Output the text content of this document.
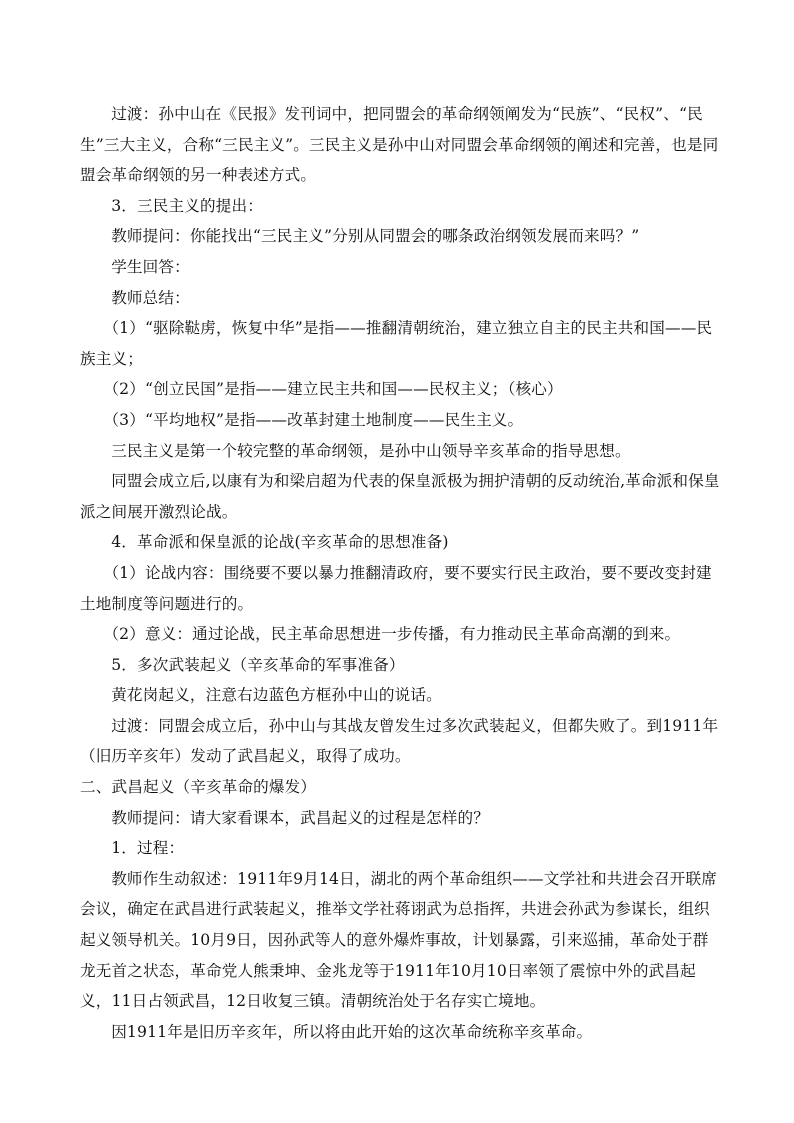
过渡：孙中山在《民报》发刊词中，把同盟会的革命纲领阐发为“民族”、“民权”、“民生”三大主义，合称“三民主义”。三民主义是孙中山对同盟会革命纲领的阐述和完善，也是同盟会革命纲领的另一种表述方式。

3．三民主义的提出：

教师提问：你能找出“三民主义”分别从同盟会的哪条政治纲领发展而来吗？”

学生回答：

教师总结：

（1）“驱除鞑虏，恢复中华”是指——推翻清朝统治，建立独立自主的民主共和国——民族主义；

（2）“创立民国”是指——建立民主共和国——民权主义；（核心）

（3）“平均地权”是指——改革封建土地制度——民生主义。

三民主义是第一个较完整的革命纲领，是孙中山领导辛亥革命的指导思想。

同盟会成立后,以康有为和梁启超为代表的保皇派极为拥护清朝的反动统治,革命派和保皇派之间展开激烈论战。

4．革命派和保皇派的论战(辛亥革命的思想准备)

（1）论战内容：围绕要不要以暴力推翻清政府，要不要实行民主政治，要不要改变封建土地制度等问题进行的。

（2）意义：通过论战，民主革命思想进一步传播，有力推动民主革命高潮的到来。

5．多次武装起义（辛亥革命的军事准备）

黄花岗起义，注意右边蓝色方框孙中山的说话。

过渡：同盟会成立后，孙中山与其战友曾发生过多次武装起义，但都失败了。到1911年（旧历辛亥年）发动了武昌起义，取得了成功。

二、武昌起义（辛亥革命的爆发）

教师提问：请大家看课本，武昌起义的过程是怎样的？

1．过程：

教师作生动叙述：1911年9月14日，湖北的两个革命组织——文学社和共进会召开联席会议，确定在武昌进行武装起义，推举文学社蒋诩武为总指挥，共进会孙武为参谋长，组织起义领导机关。10月9日，因孙武等人的意外爆炸事故，计划暴露，引来巡捕，革命处于群龙无首之状态，革命党人熊秉坤、金兆龙等于1911年10月10日率领了震惊中外的武昌起义，11日占领武昌，12日收复三镇。清朝统治处于名存实亡境地。

因1911年是旧历辛亥年，所以将由此开始的这次革命统称辛亥革命。
